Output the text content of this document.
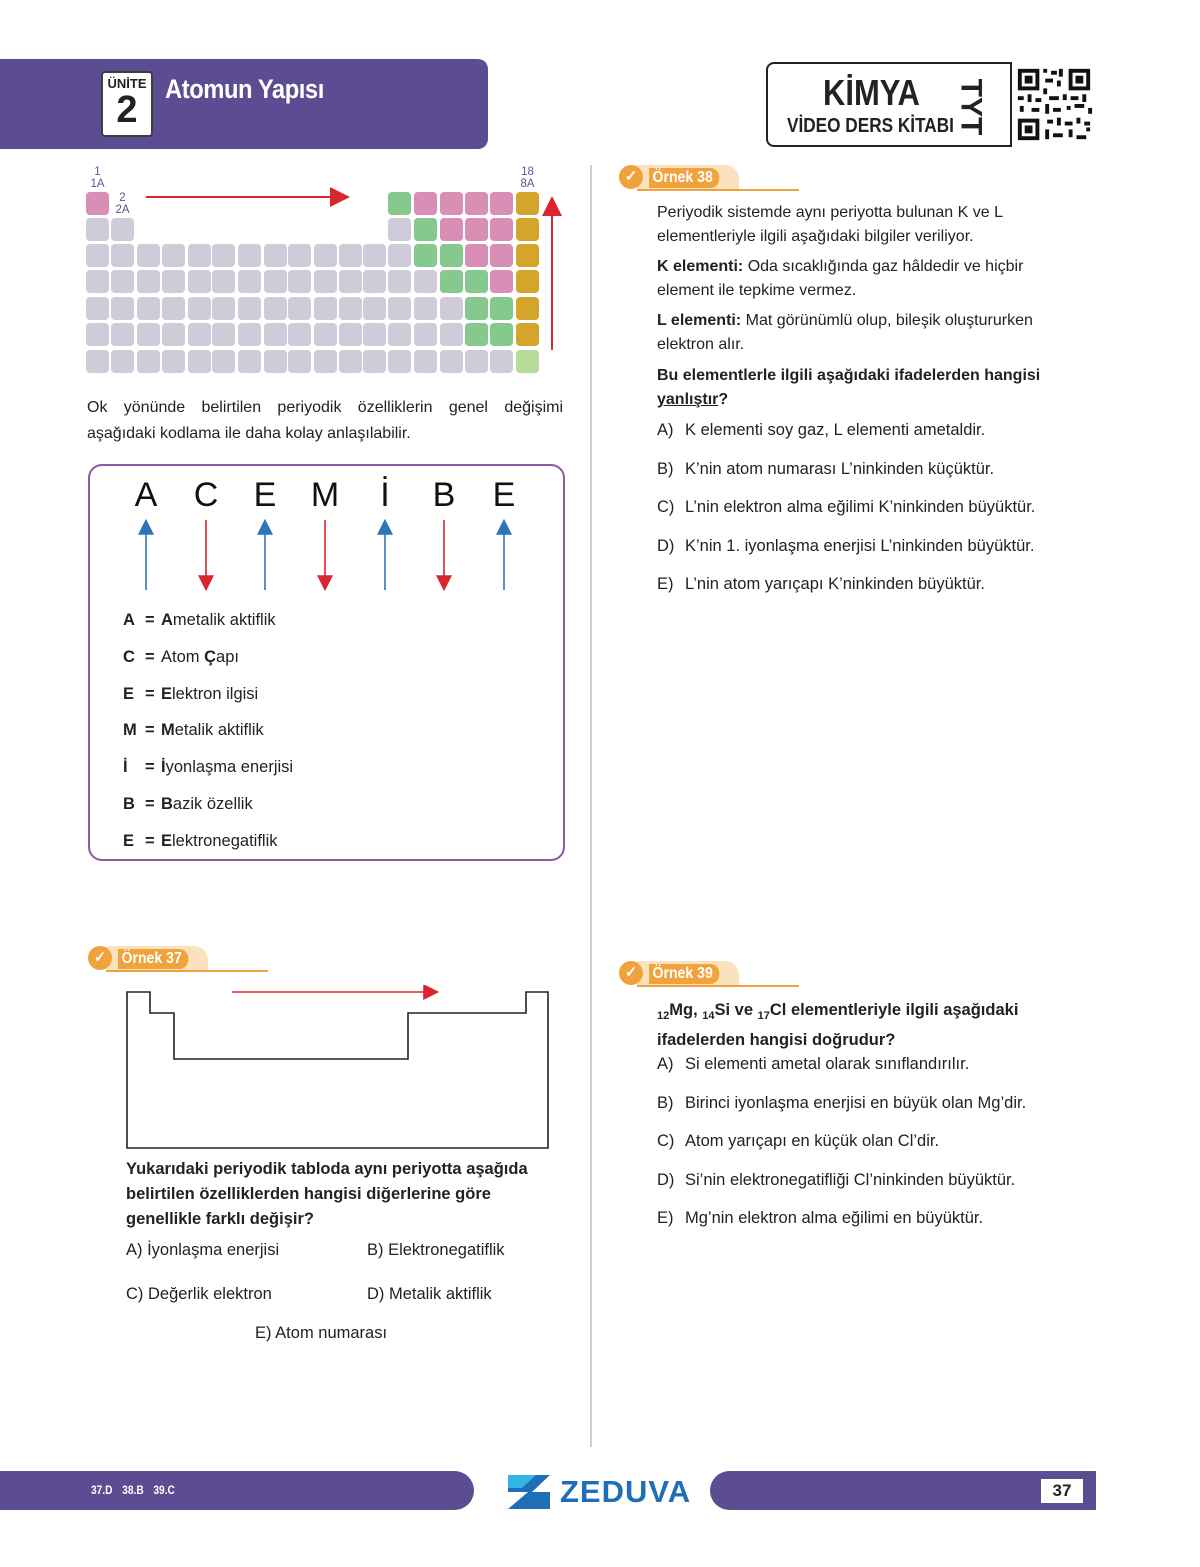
ÜNİTE
2	Atomun Yapısı	KİMYA
VİDEO DERS KİTABI TYT
1
1A
2
2A
18
8A
Ok yönünde belirtilen periyodik özelliklerin genel değişimi aşağıdaki kodlama ile daha kolay anlaşılabilir.
A C E M	İ	B E
A = Ametalik aktiflik
C = Atom Çapı
E = Elektron ilgisi
M = Metalik aktiflik
İ = İyonlaşma enerjisi
B = Bazik özellik
E = Elektronegatiflik
✓ Örnek 37
Yukarıdaki periyodik tabloda aynı periyotta aşağıda belirtilen özelliklerden hangisi diğerlerine göre genellikle farklı değişir?
A) İyonlaşma enerjisi	B) Elektronegatiflik
C) Değerlik elektron	D) Metalik aktiflik
E) Atom numarası
✓ Örnek 38
Periyodik sistemde aynı periyotta bulunan K ve L elementleriyle ilgili aşağıdaki bilgiler veriliyor.
K elementi: Oda sıcaklığında gaz hâldedir ve hiçbir element ile tepkime vermez.
L elementi: Mat görünümlü olup, bileşik oluştururken elektron alır.
Bu elementlerle ilgili aşağıdaki ifadelerden hangisi yanlıştır?
A) K elementi soy gaz, L elementi ametaldir.
B) K’nin atom numarası L’ninkinden küçüktür.
C) L’nin elektron alma eğilimi K’ninkinden büyüktür.
D) K’nin 1. iyonlaşma enerjisi L’ninkinden büyüktür.
E) L’nin atom yarıçapı K’ninkinden büyüktür.
✓ Örnek 39
$_{12}$Mg, $_{14}$Si ve $_{17}$Cl elementleriyle ilgili aşağıdaki ifadelerden hangisi doğrudur?
A) Si elementi ametal olarak sınıflandırılır.
B) Birinci iyonlaşma enerjisi en büyük olan Mg’dir.
C) Atom yarıçapı en küçük olan Cl’dir.
D) Si’nin elektronegatifliği Cl’ninkinden büyüktür.
E) Mg’nin elektron alma eğilimi en büyüktür.
37.D 38.B 39.C	ZEDUVA	37
